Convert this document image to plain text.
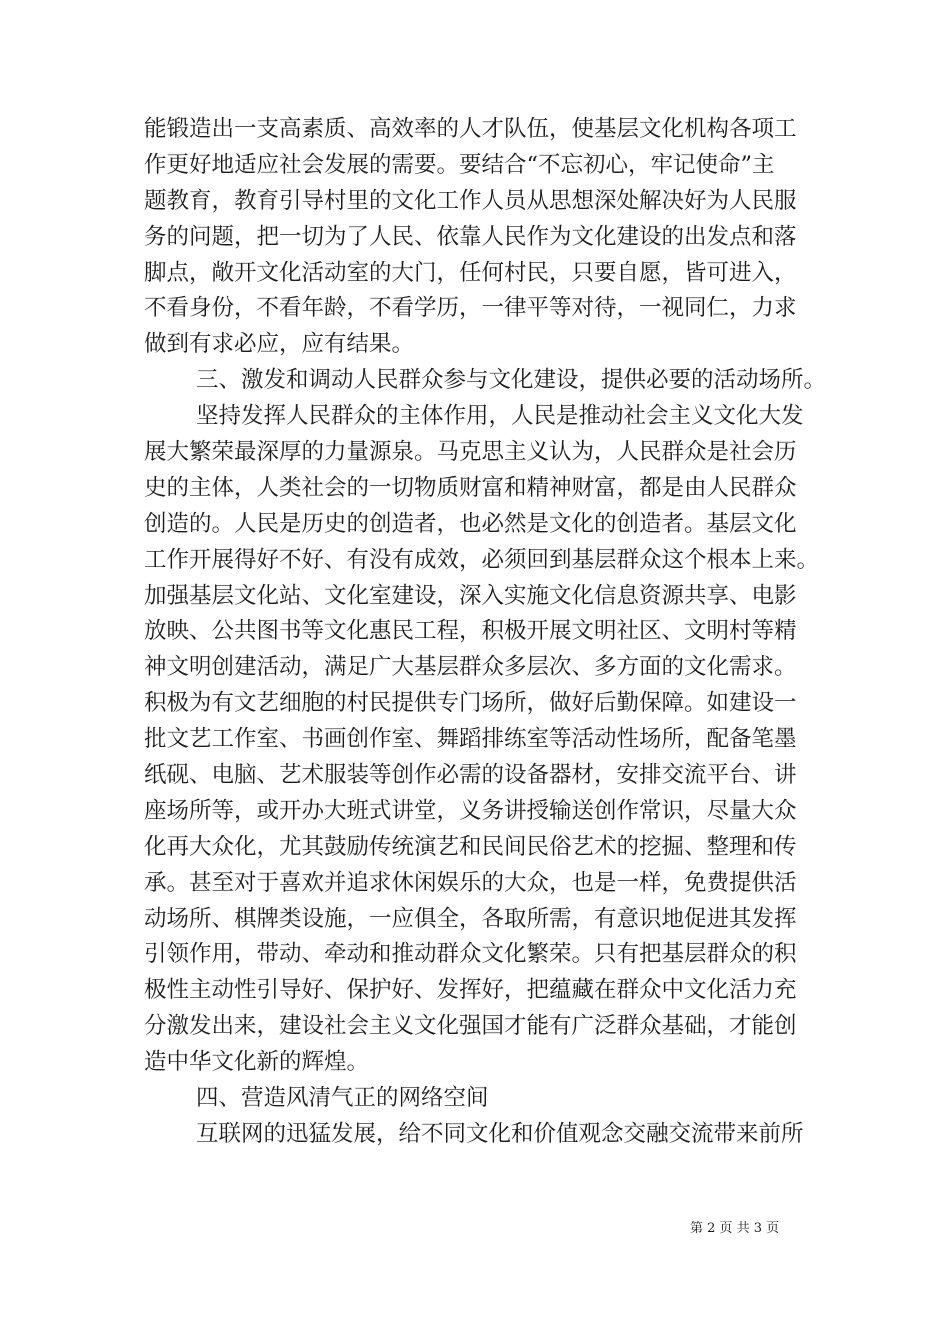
能锻造出一支高素质、高效率的人才队伍，使基层文化机构各项工
作更好地适应社会发展的需要。要结合“不忘初心，牢记使命”主
题教育，教育引导村里的文化工作人员从思想深处解决好为人民服
务的问题，把一切为了人民、依靠人民作为文化建设的出发点和落
脚点，敞开文化活动室的大门，任何村民，只要自愿，皆可进入，
不看身份，不看年龄，不看学历，一律平等对待，一视同仁，力求
做到有求必应，应有结果。
三、激发和调动人民群众参与文化建设，提供必要的活动场所。
坚持发挥人民群众的主体作用，人民是推动社会主义文化大发
展大繁荣最深厚的力量源泉。马克思主义认为，人民群众是社会历
史的主体，人类社会的一切物质财富和精神财富，都是由人民群众
创造的。人民是历史的创造者，也必然是文化的创造者。基层文化
工作开展得好不好、有没有成效，必须回到基层群众这个根本上来。
加强基层文化站、文化室建设，深入实施文化信息资源共享、电影
放映、公共图书等文化惠民工程，积极开展文明社区、文明村等精
神文明创建活动，满足广大基层群众多层次、多方面的文化需求。
积极为有文艺细胞的村民提供专门场所，做好后勤保障。如建设一
批文艺工作室、书画创作室、舞蹈排练室等活动性场所，配备笔墨
纸砚、电脑、艺术服装等创作必需的设备器材，安排交流平台、讲
座场所等，或开办大班式讲堂，义务讲授输送创作常识，尽量大众
化再大众化，尤其鼓励传统演艺和民间民俗艺术的挖掘、整理和传
承。甚至对于喜欢并追求休闲娱乐的大众，也是一样，免费提供活
动场所、棋牌类设施，一应俱全，各取所需，有意识地促进其发挥
引领作用，带动、牵动和推动群众文化繁荣。只有把基层群众的积
极性主动性引导好、保护好、发挥好，把蕴藏在群众中文化活力充
分激发出来，建设社会主义文化强国才能有广泛群众基础，才能创
造中华文化新的辉煌。
四、营造风清气正的网络空间
互联网的迅猛发展，给不同文化和价值观念交融交流带来前所
第 2 页 共 3 页
